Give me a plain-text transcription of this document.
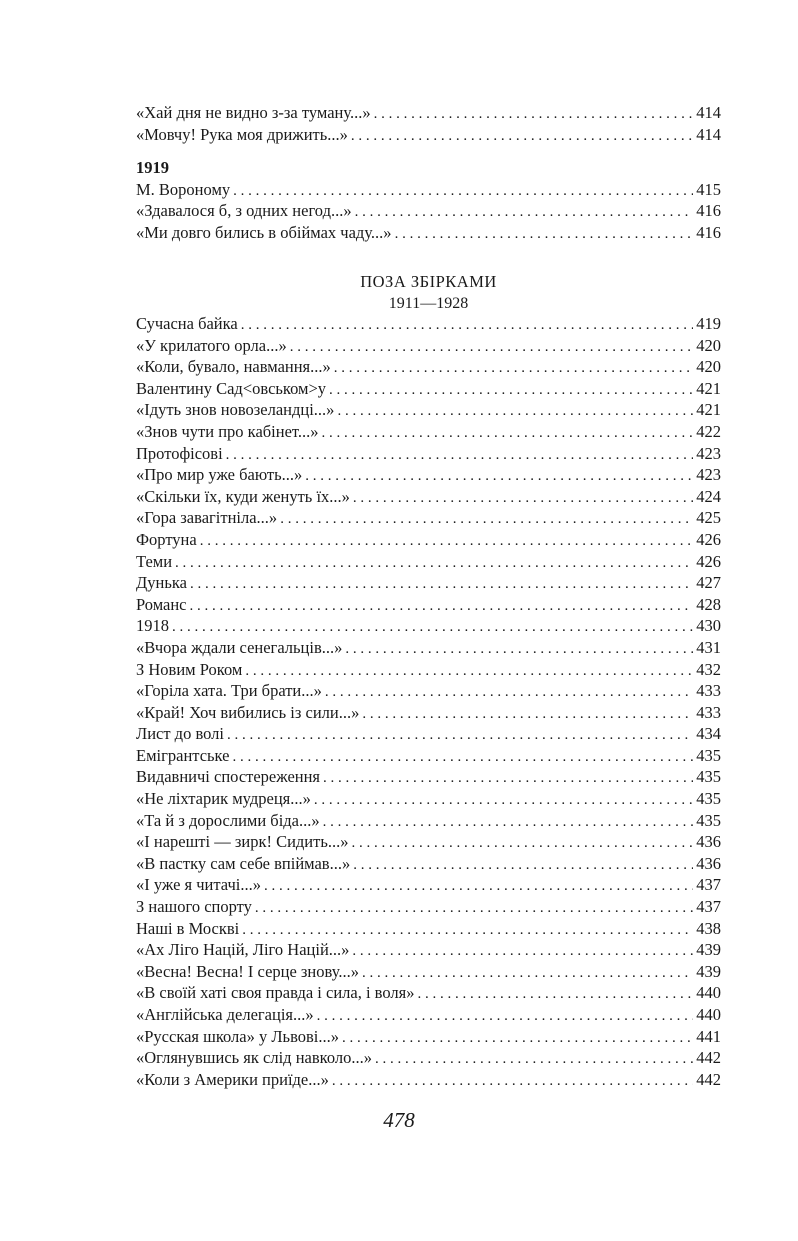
«Хай дня не видно з-за туману...» . . .	414
«Мовчу! Рука моя дрижить...» . . .	414
1919
М. Вороному . . .	415
«Здавалося б, з одних негод...» . . .	416
«Ми довго бились в обіймах чаду...» . . .	416
ПОЗА ЗБІРКАМИ
1911—1928
Сучасна байка . . .	419
«У крилатого орла...» . . .	420
«Коли, бувало, навмання...» . . .	420
Валентину Сад<овськом>у . . .	421
«Ідуть знов новозеландці...» . . .	421
«Знов чути про кабінет...» . . .	422
Протофісові . . .	423
«Про мир уже бають...» . . .	423
«Скільки їх, куди женуть їх...» . . .	424
«Гора завагітніла...» . . .	425
Фортуна . . .	426
Теми . . .	426
Дунька . . .	427
Романс . . .	428
1918 . . .	430
«Вчора ждали сенегальців...» . . .	431
З Новим Роком . . .	432
«Горіла хата. Три брати...» . . .	433
«Край! Хоч вибились із сили...» . . .	433
Лист до волі . . .	434
Емігрантське . . .	435
Видавничі спостереження . . .	435
«Не ліхтарик мудреця...» . . .	435
«Та й з дорослими біда...» . . .	435
«І нарешті — зирк! Сидить...» . . .	436
«В пастку сам себе впіймав...» . . .	436
«І уже я читачі...» . . .	437
З нашого спорту . . .	437
Наші в Москві . . .	438
«Ах Ліго Націй, Ліго Націй...» . . .	439
«Весна! Весна! І серце знову...» . . .	439
«В своїй хаті своя правда і сила, і воля» . . .	440
«Англійська делегація...» . . .	440
«Русская школа» у Львові...» . . .	441
«Оглянувшись як слід навколо...» . . .	442
«Коли з Америки приїде...» . . .	442
478
